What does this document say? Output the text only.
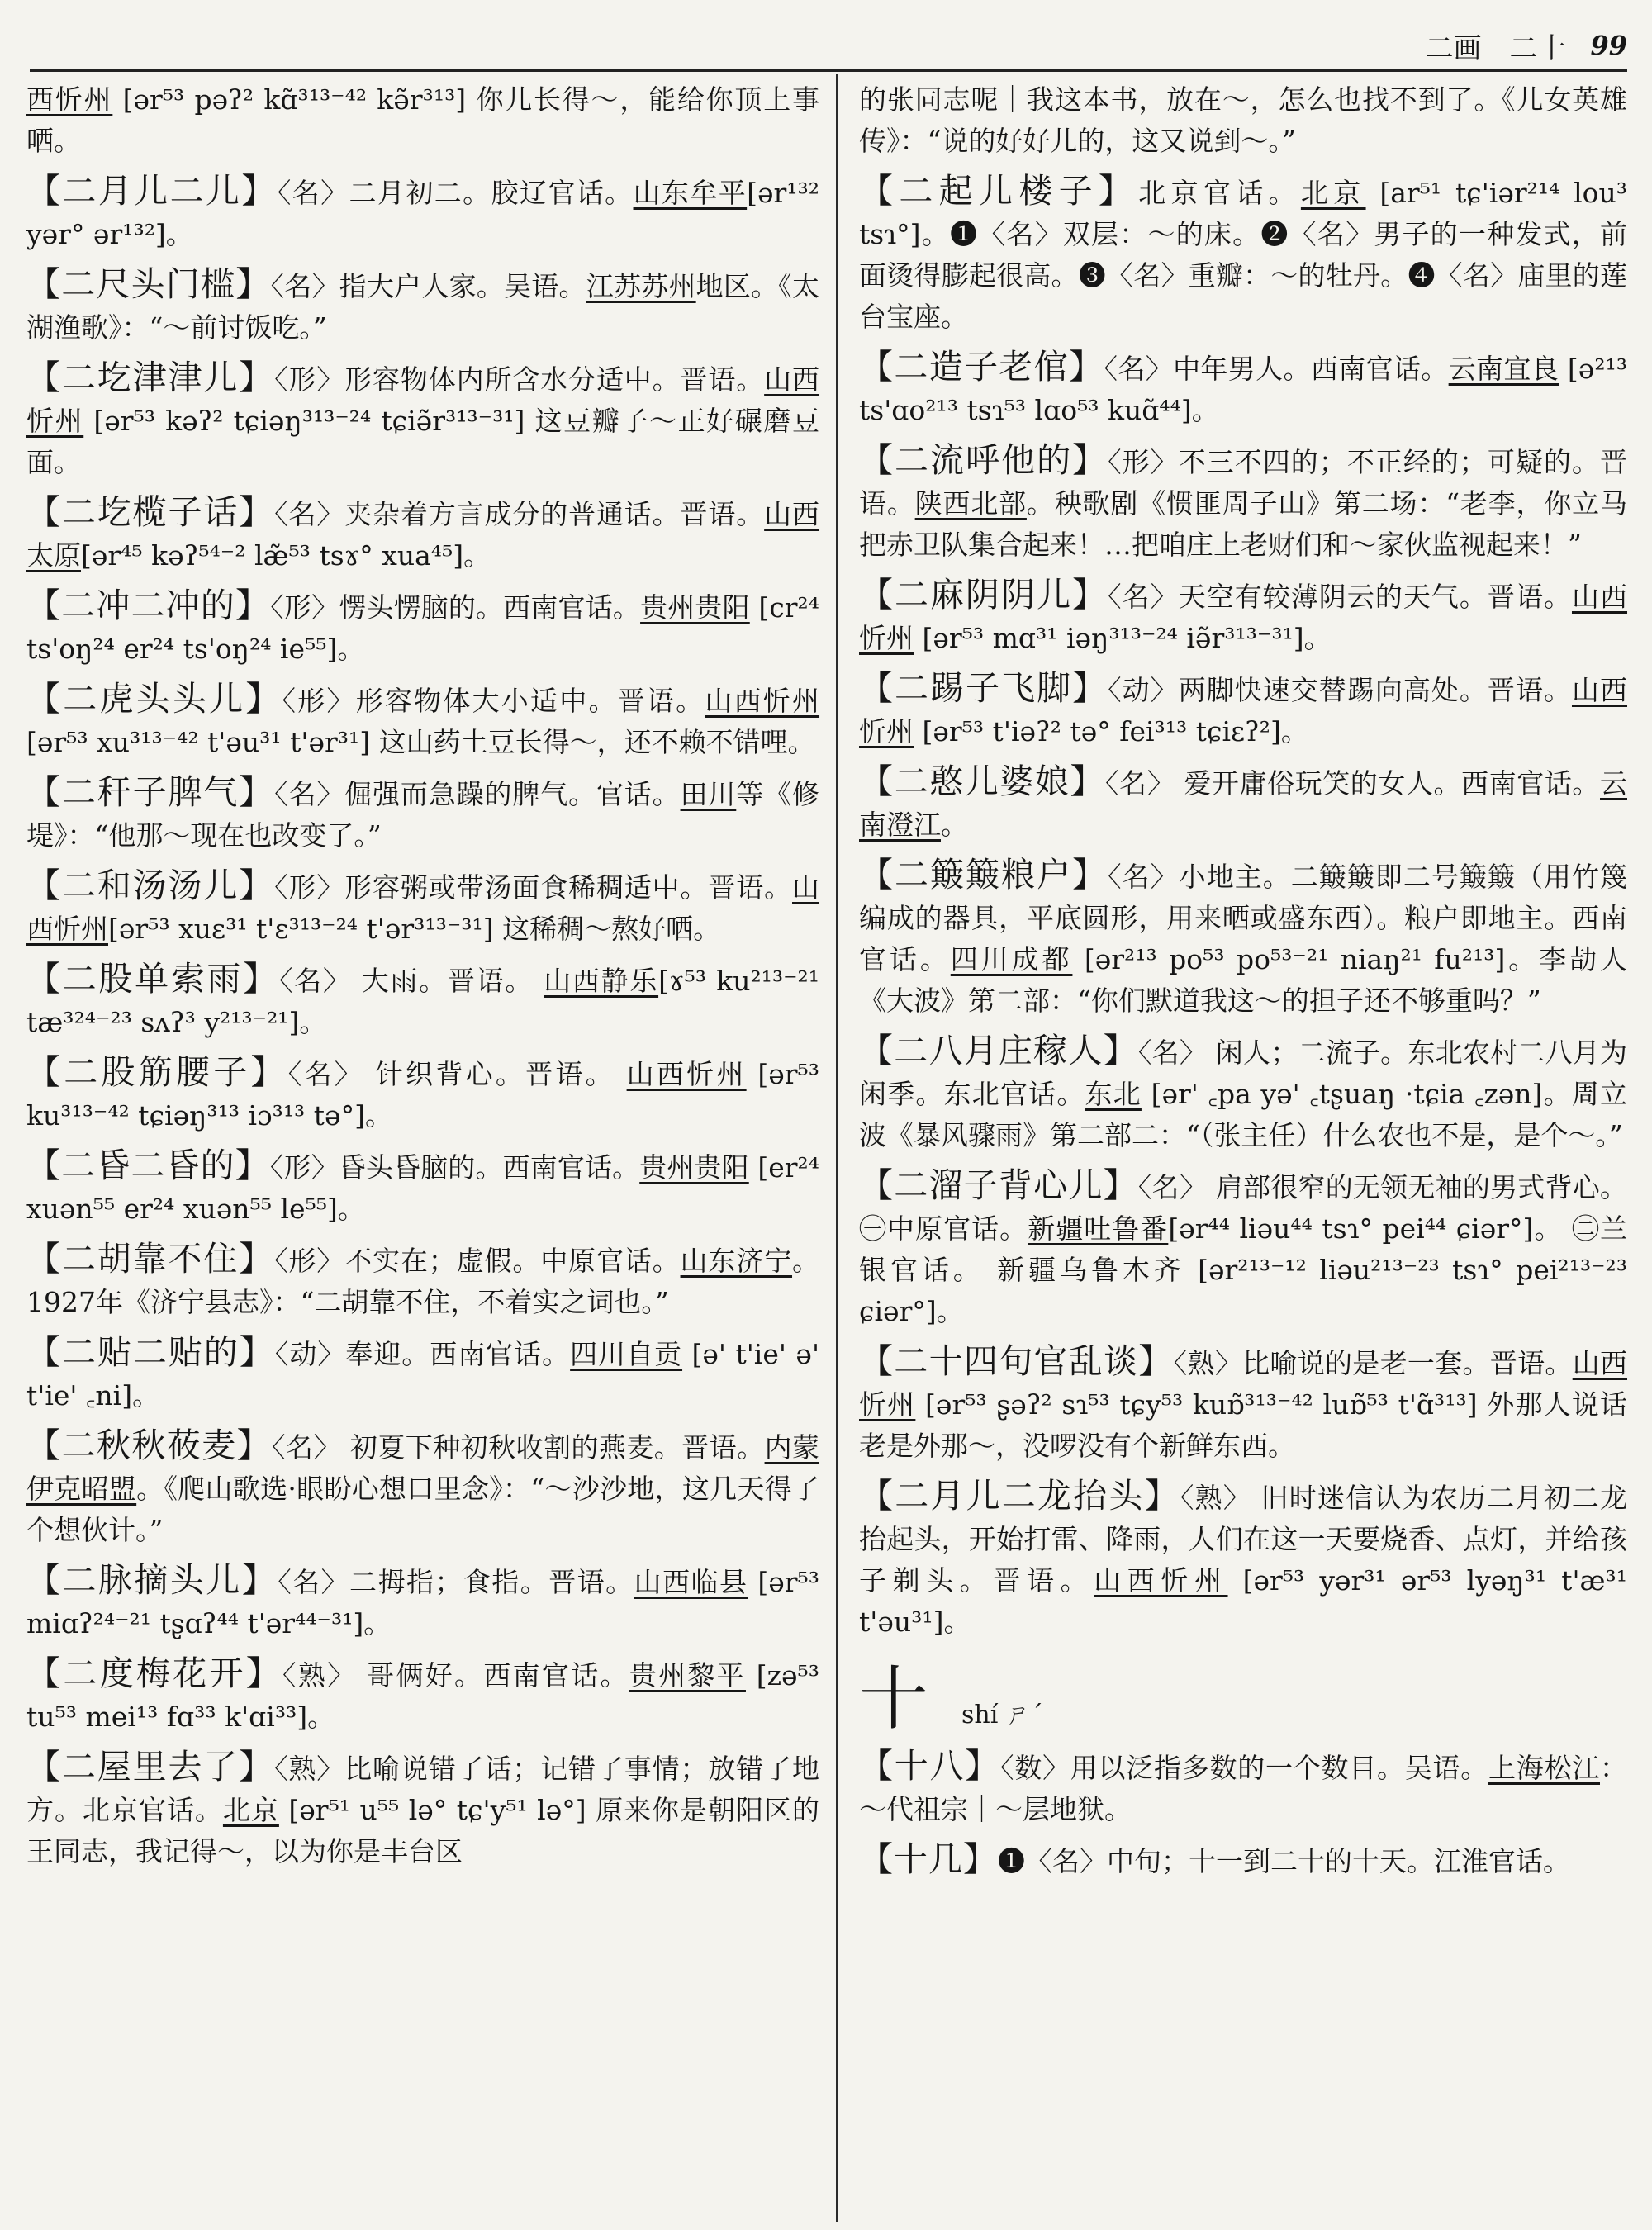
二画　二十 99

西忻州 [ər⁵³ pəʔ² kɑ̃³¹³⁻⁴² kə̃r³¹³] 你儿长得～，能给你顶上事哂。

【二月儿二儿】〈名〉二月初二。胶辽官话。山东牟平[ər¹³² yər° ər¹³²]。

【二尺头门槛】〈名〉指大户人家。吴语。江苏苏州地区。《太湖渔歌》：“～前讨饭吃。”

【二圪津津儿】〈形〉形容物体内所含水分适中。晋语。山西忻州 [ər⁵³ kəʔ² tɕiəŋ³¹³⁻²⁴ tɕiə̃r³¹³⁻³¹] 这豆瓣子～正好碾磨豆面。

【二圪榄子话】〈名〉夹杂着方言成分的普通话。晋语。山西太原[ər⁴⁵ kəʔ⁵⁴⁻² læ̃⁵³ tsɤ° xua⁴⁵]。

【二冲二冲的】〈形〉愣头愣脑的。西南官话。贵州贵阳 [cr²⁴ ts'oŋ²⁴ er²⁴ ts'oŋ²⁴ ie⁵⁵]。

【二虎头头儿】〈形〉形容物体大小适中。晋语。山西忻州 [ər⁵³ xu³¹³⁻⁴² t'əu³¹ t'ər³¹] 这山药土豆长得～，还不赖不错哩。

【二秆子脾气】〈名〉倔强而急躁的脾气。官话。田川等《修堤》：“他那～现在也改变了。”

【二和汤汤儿】〈形〉形容粥或带汤面食稀稠适中。晋语。山西忻州[ər⁵³ xuɛ³¹ t'ɛ³¹³⁻²⁴ t'ər³¹³⁻³¹] 这稀稠～熬好哂。

【二股单索雨】〈名〉 大雨。晋语。 山西静乐[ɤ⁵³ ku²¹³⁻²¹ tæ³²⁴⁻²³ sʌʔ³ y²¹³⁻²¹]。

【二股筋腰子】〈名〉 针织背心。晋语。 山西忻州 [ər⁵³ ku³¹³⁻⁴² tɕiəŋ³¹³ iɔ³¹³ tə°]。

【二昏二昏的】〈形〉昏头昏脑的。西南官话。贵州贵阳 [er²⁴ xuən⁵⁵ er²⁴ xuən⁵⁵ le⁵⁵]。

【二胡靠不住】〈形〉不实在；虚假。中原官话。山东济宁。1927年《济宁县志》：“二胡靠不住，不着实之词也。”

【二贴二贴的】〈动〉奉迎。西南官话。四川自贡 [ə' t'ie' ə' t'ie' ꜀ni]。

【二秋秋莜麦】〈名〉 初夏下种初秋收割的燕麦。晋语。内蒙伊克昭盟。《爬山歌选·眼盼心想口里念》：“～沙沙地，这几天得了个想伙计。”

【二脉摘头儿】〈名〉二拇指；食指。晋语。山西临县 [ər⁵³ miɑʔ²⁴⁻²¹ tʂɑʔ⁴⁴ t'ər⁴⁴⁻³¹]。

【二度梅花开】〈熟〉 哥俩好。西南官话。贵州黎平 [zə⁵³ tu⁵³ mei¹³ fɑ³³ k'ɑi³³]。

【二屋里去了】〈熟〉比喻说错了话；记错了事情；放错了地方。北京官话。北京 [ər⁵¹ u⁵⁵ lə° tɕ'y⁵¹ lə°] 原来你是朝阳区的王同志，我记得～，以为你是丰台区

的张同志呢｜我这本书，放在～，怎么也找不到了。《儿女英雄传》：“说的好好儿的，这又说到～。”

【二起儿楼子】北京官话。北京 [ar⁵¹ tɕ'iər²¹⁴ lou³ tsɿ°]。❶〈名〉双层：～的床。❷〈名〉男子的一种发式，前面烫得膨起很高。❸〈名〉重瓣：～的牡丹。❹〈名〉庙里的莲台宝座。

【二造子老倌】〈名〉中年男人。西南官话。云南宜良 [ə²¹³ ts'ɑo²¹³ tsɿ⁵³ lɑo⁵³ kuɑ̃⁴⁴]。

【二流呼他的】〈形〉不三不四的；不正经的；可疑的。晋语。陕西北部。秧歌剧《惯匪周子山》第二场：“老李，你立马把赤卫队集合起来！…把咱庄上老财们和～家伙监视起来！”

【二麻阴阴儿】〈名〉天空有较薄阴云的天气。晋语。山西忻州 [ər⁵³ mɑ³¹ iəŋ³¹³⁻²⁴ iə̃r³¹³⁻³¹]。

【二踢子飞脚】〈动〉两脚快速交替踢向高处。晋语。山西忻州 [ər⁵³ t'iəʔ² tə° fei³¹³ tɕiɛʔ²]。

【二憨儿婆娘】〈名〉 爱开庸俗玩笑的女人。西南官话。云南澄江。

【二簸簸粮户】〈名〉小地主。二簸簸即二号簸簸（用竹篾编成的器具，平底圆形，用来晒或盛东西）。粮户即地主。西南官话。四川成都 [ər²¹³ po⁵³ po⁵³⁻²¹ niaŋ²¹ fu²¹³]。李劼人《大波》第二部：“你们默道我这～的担子还不够重吗？”

【二八月庄稼人】〈名〉 闲人；二流子。东北农村二八月为闲季。东北官话。东北 [ər' ꜀pa yə' ꜀tʂuaŋ ·tɕia ꜀zən]。周立波《暴风骤雨》第二部二：“（张主任）什么农也不是，是个～。”

【二溜子背心儿】〈名〉 肩部很窄的无领无袖的男式背心。㊀中原官话。新疆吐鲁番[ər⁴⁴ liəu⁴⁴ tsɿ° pei⁴⁴ ɕiər°]。 ㊁兰银官话。 新疆乌鲁木齐 [ər²¹³⁻¹² liəu²¹³⁻²³ tsɿ° pei²¹³⁻²³ ɕiər°]。

【二十四句官乱谈】〈熟〉比喻说的是老一套。晋语。山西忻州 [ər⁵³ ʂəʔ² sɿ⁵³ tɕy⁵³ kuɒ̃³¹³⁻⁴² luɒ̃⁵³ t'ɑ̃³¹³] 外那人说话老是外那～，没啰没有个新鲜东西。

【二月儿二龙抬头】〈熟〉 旧时迷信认为农历二月初二龙抬起头，开始打雷、降雨，人们在这一天要烧香、点灯，并给孩子剃头。晋语。山西忻州 [ər⁵³ yər³¹ ər⁵³ lyəŋ³¹ t'æ³¹ t'əu³¹]。

十 shí ㄕˊ

【十八】〈数〉用以泛指多数的一个数目。吴语。上海松江：～代祖宗｜～层地狱。

【十几】❶〈名〉中旬；十一到二十的十天。江淮官话。
